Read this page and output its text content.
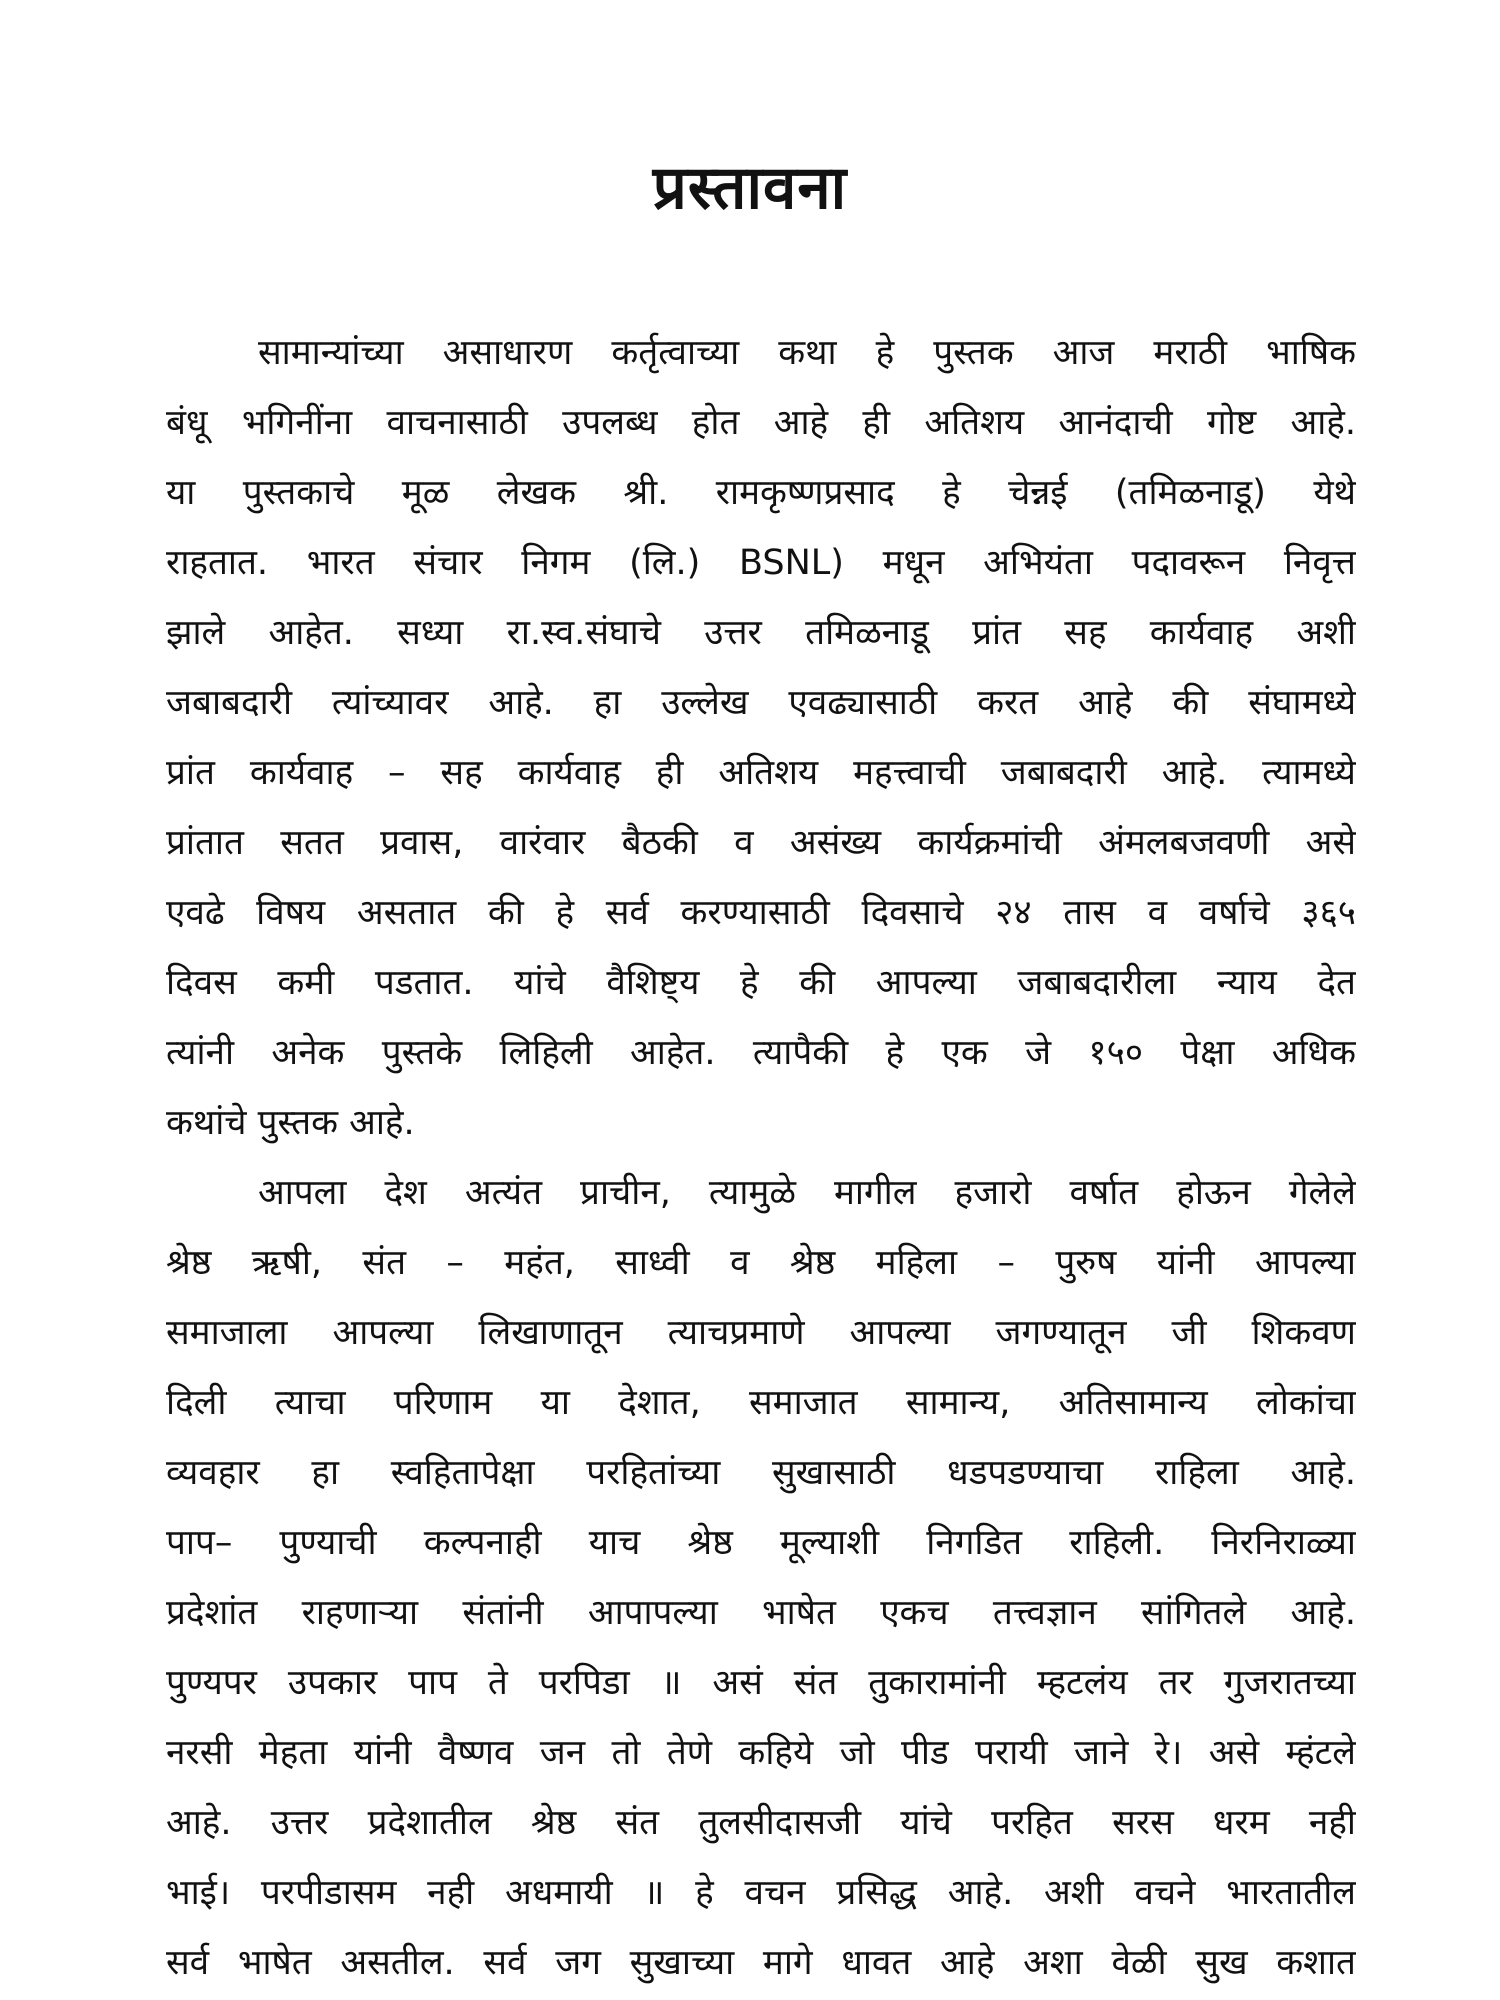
प्रस्तावना
सामान्यांच्या असाधारण कर्तृत्वाच्या कथा हे पुस्तक आज मराठी भाषिक
बंधू भगिनींना वाचनासाठी उपलब्ध होत आहे ही अतिशय आनंदाची गोष्ट आहे.
या पुस्तकाचे मूळ लेखक श्री. रामकृष्णप्रसाद हे चेन्नई (तमिळनाडू) येथे
राहतात. भारत संचार निगम (लि.) BSNL) मधून अभियंता पदावरून निवृत्त
झाले आहेत. सध्या रा.स्व.संघाचे उत्तर तमिळनाडू प्रांत सह कार्यवाह अशी
जबाबदारी त्यांच्यावर आहे. हा उल्लेख एवढ्यासाठी करत आहे की संघामध्ये
प्रांत कार्यवाह – सह कार्यवाह ही अतिशय महत्त्वाची जबाबदारी आहे. त्यामध्ये
प्रांतात सतत प्रवास, वारंवार बैठकी व असंख्य कार्यक्रमांची अंमलबजवणी असे
एवढे विषय असतात की हे सर्व करण्यासाठी दिवसाचे २४ तास व वर्षाचे ३६५
दिवस कमी पडतात. यांचे वैशिष्ट्य हे की आपल्या जबाबदारीला न्याय देत
त्यांनी अनेक पुस्तके लिहिली आहेत. त्यापैकी हे एक जे १५० पेक्षा अधिक
कथांचे पुस्तक आहे.
आपला देश अत्यंत प्राचीन, त्यामुळे मागील हजारो वर्षात होऊन गेलेले
श्रेष्ठ ऋषी, संत – महंत, साध्वी व श्रेष्ठ महिला – पुरुष यांनी आपल्या
समाजाला आपल्या लिखाणातून त्याचप्रमाणे आपल्या जगण्यातून जी शिकवण
दिली त्याचा परिणाम या देशात, समाजात सामान्य, अतिसामान्य लोकांचा
व्यवहार हा स्वहितापेक्षा परहितांच्या सुखासाठी धडपडण्याचा राहिला आहे.
पाप– पुण्याची कल्पनाही याच श्रेष्ठ मूल्याशी निगडित राहिली. निरनिराळ्या
प्रदेशांत राहणाऱ्या संतांनी आपापल्या भाषेत एकच तत्त्वज्ञान सांगितले आहे.
पुण्यपर उपकार पाप ते परपिडा ॥ असं संत तुकारामांनी म्हटलंय तर गुजरातच्या
नरसी मेहता यांनी वैष्णव जन तो तेणे कहिये जो पीड परायी जाने रे। असे म्हंटले
आहे. उत्तर प्रदेशातील श्रेष्ठ संत तुलसीदासजी यांचे परहित सरस धरम नही
भाई। परपीडासम नही अधमायी ॥ हे वचन प्रसिद्ध आहे. अशी वचने भारतातील
सर्व भाषेत असतील. सर्व जग सुखाच्या मागे धावत आहे अशा वेळी सुख कशात
